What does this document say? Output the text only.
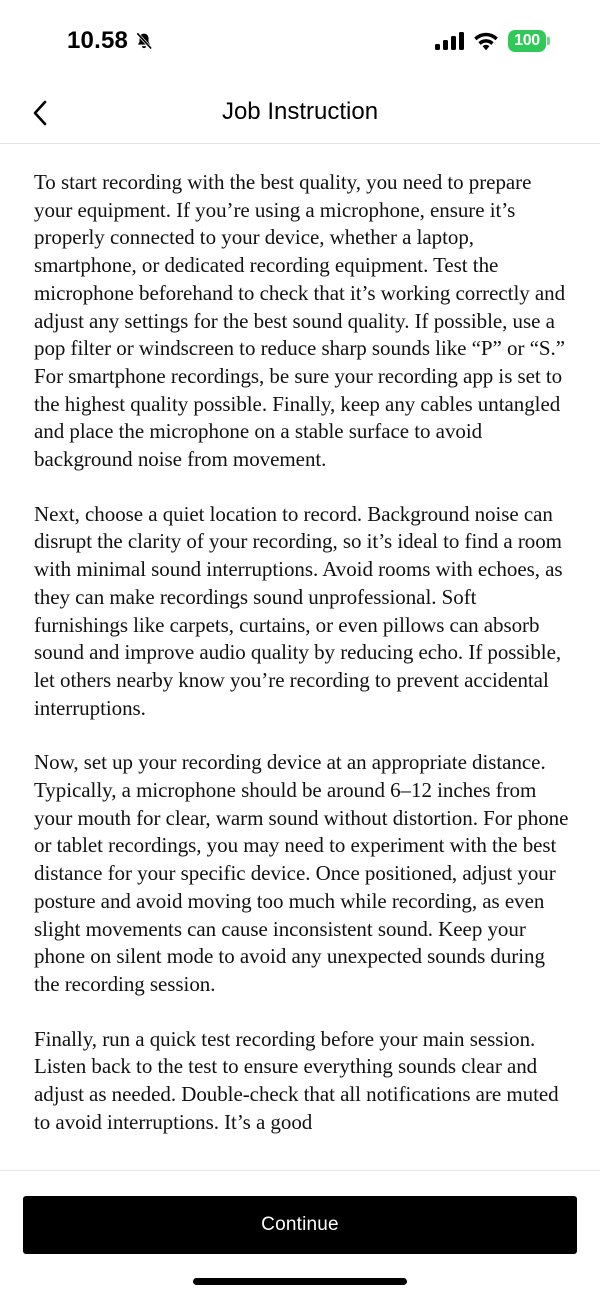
10.58	100
Job Instruction

To start recording with the best quality, you need to prepare your equipment. If you’re using a microphone, ensure it’s properly connected to your device, whether a laptop, smartphone, or dedicated recording equipment. Test the microphone beforehand to check that it’s working correctly and adjust any settings for the best sound quality. If possible, use a pop filter or windscreen to reduce sharp sounds like “P” or “S.” For smartphone recordings, be sure your recording app is set to the highest quality possible. Finally, keep any cables untangled and place the microphone on a stable surface to avoid background noise from movement.

Next, choose a quiet location to record. Background noise can disrupt the clarity of your recording, so it’s ideal to find a room with minimal sound interruptions. Avoid rooms with echoes, as they can make recordings sound unprofessional. Soft furnishings like carpets, curtains, or even pillows can absorb sound and improve audio quality by reducing echo. If possible, let others nearby know you’re recording to prevent accidental interruptions.

Now, set up your recording device at an appropriate distance. Typically, a microphone should be around 6–12 inches from your mouth for clear, warm sound without distortion. For phone or tablet recordings, you may need to experiment with the best distance for your specific device. Once positioned, adjust your posture and avoid moving too much while recording, as even slight movements can cause inconsistent sound. Keep your phone on silent mode to avoid any unexpected sounds during the recording session.

Finally, run a quick test recording before your main session. Listen back to the test to ensure everything sounds clear and adjust as needed. Double-check that all notifications are muted to avoid interruptions. It’s a good

Continue
